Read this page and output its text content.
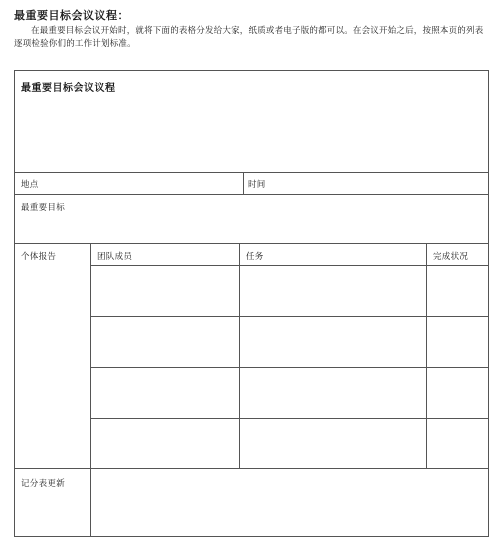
最重要目标会议议程：
在最重要目标会议开始时，就将下面的表格分发给大家，纸质或者电子版的都可以。在会议开始之后，按照本页的列表逐项检验你们的工作计划标准。
最重要目标会议议程
地点	时间
最重要目标
个体报告	团队成员	任务	完成状况
记分表更新
